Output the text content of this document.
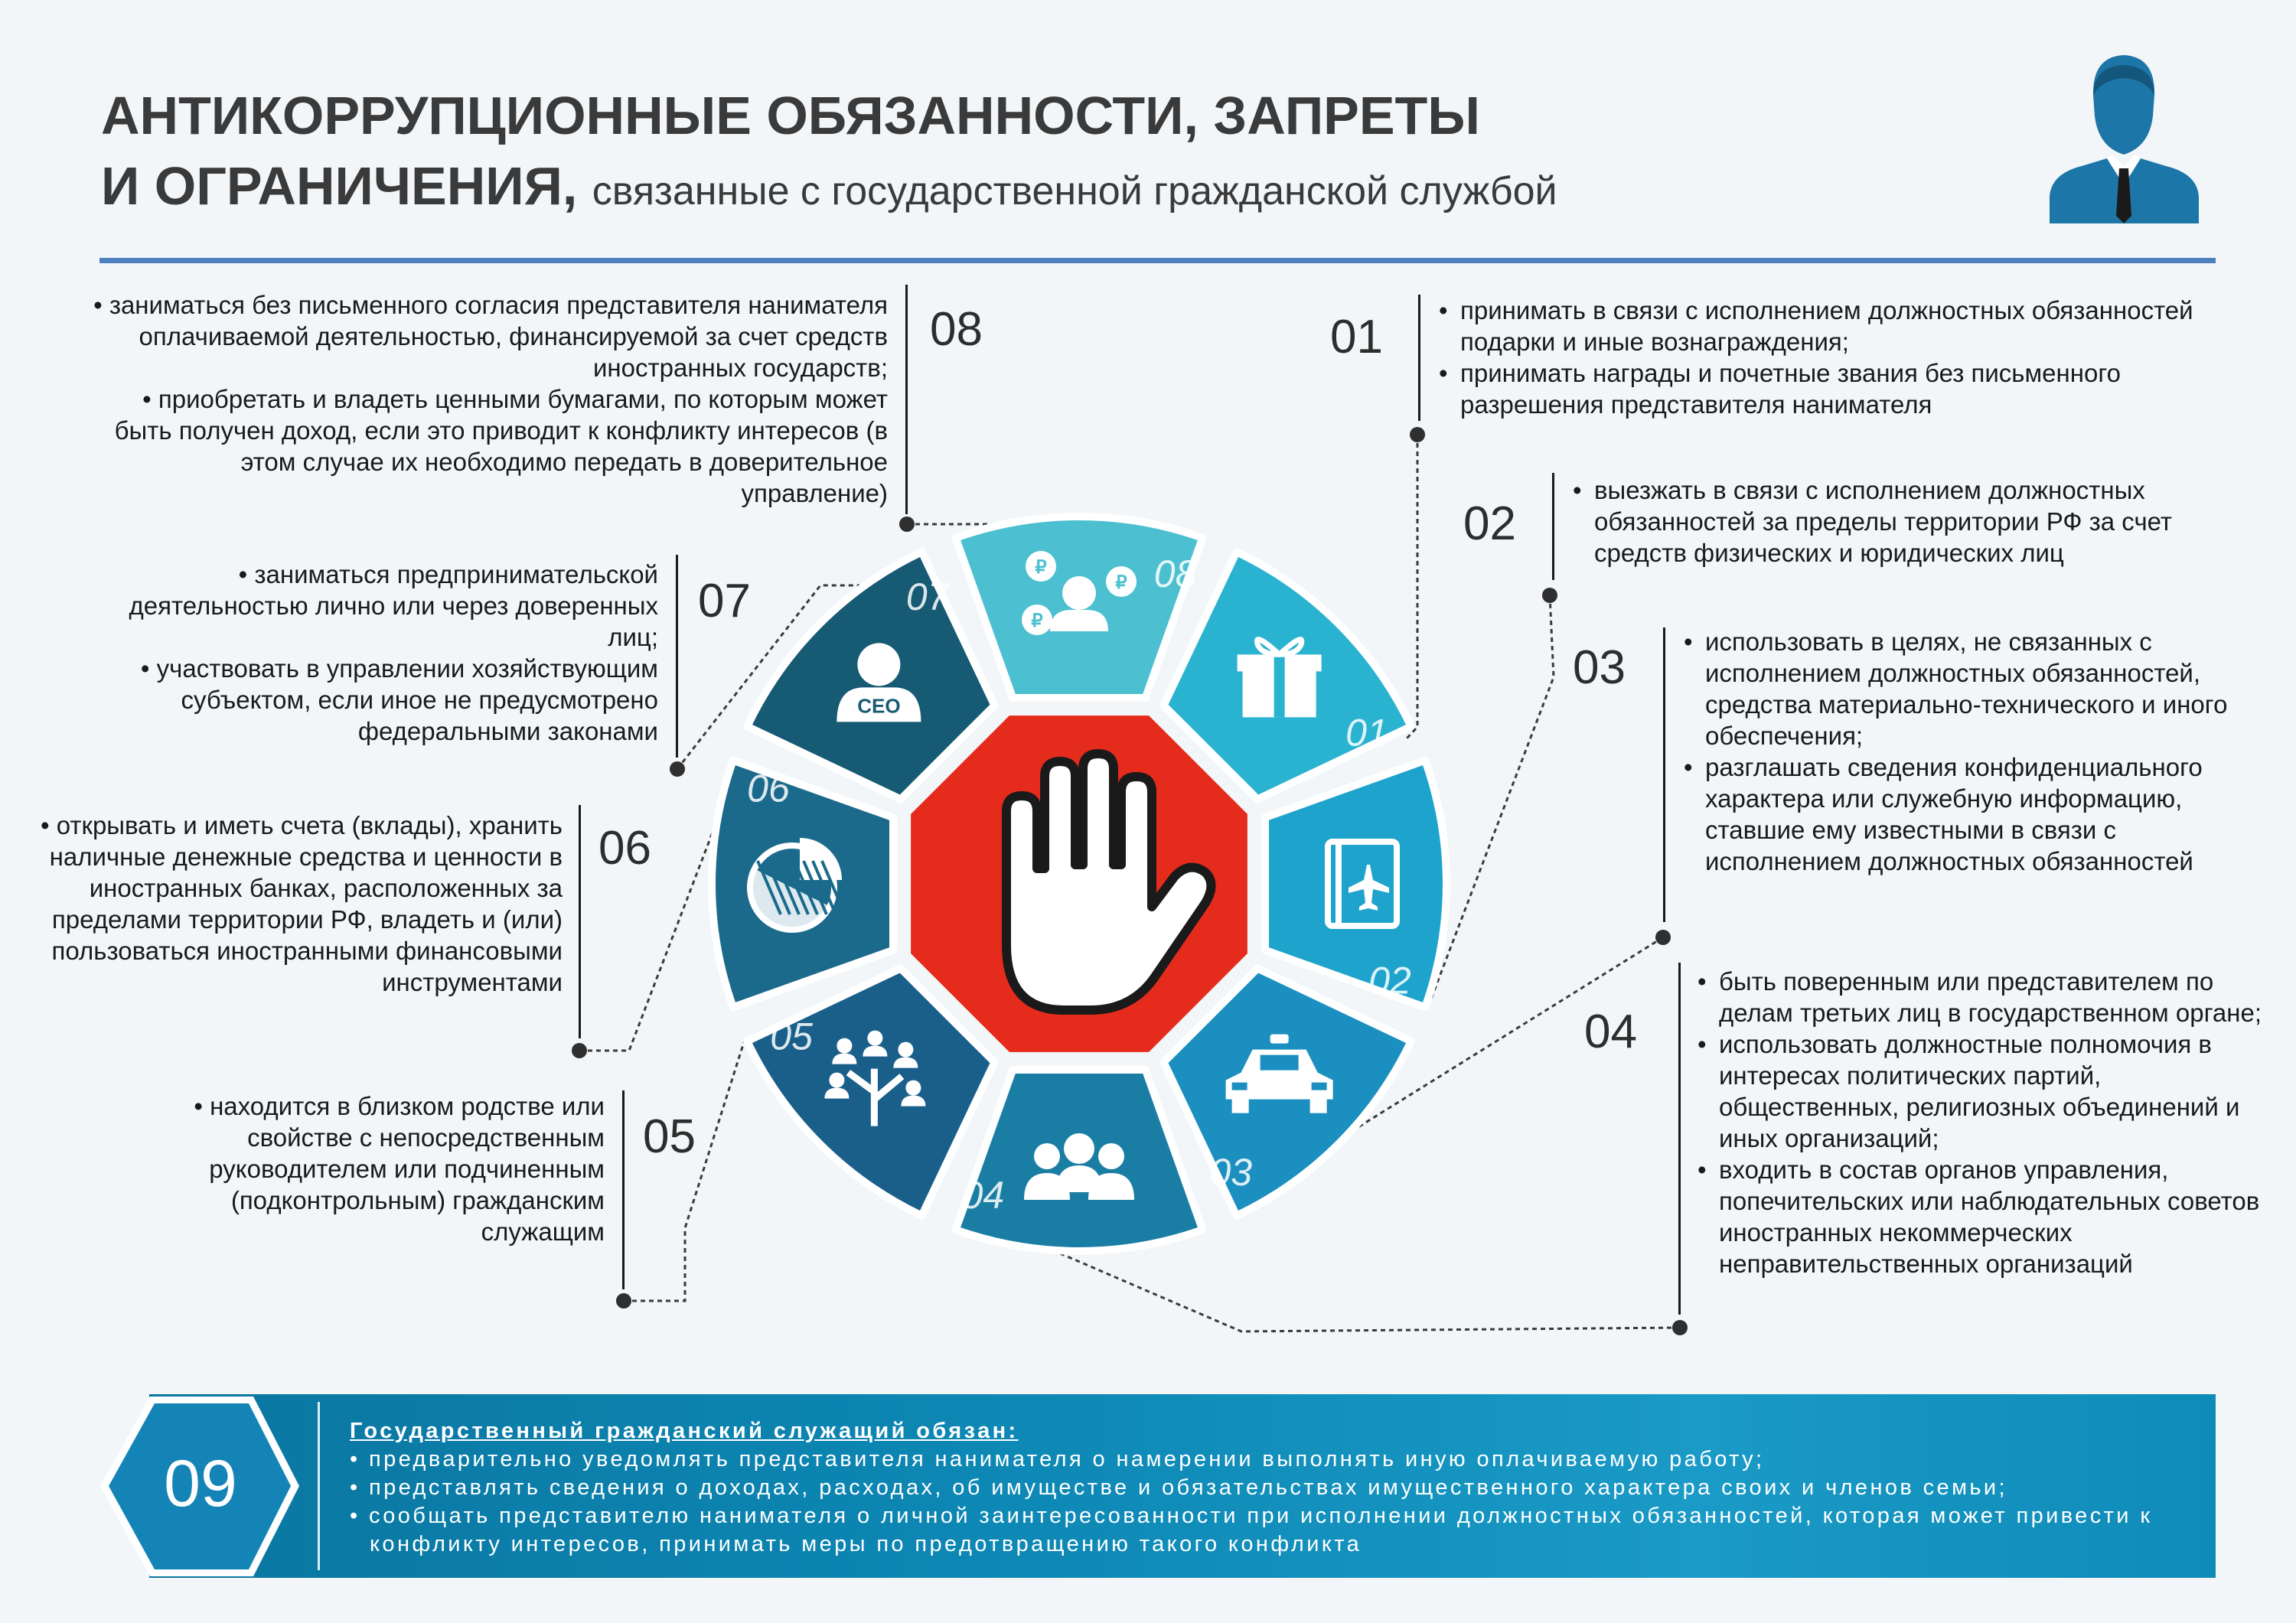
АНТИКОРРУПЦИОННЫЕ ОБЯЗАННОСТИ, ЗАПРЕТЫ
И ОГРАНИЧЕНИЯ, связанные с государственной гражданской службой
01
02
03
04
05
06
CEO
07
₽
₽
₽
08
08
• заниматься без письменного согласия представителя нанимателя оплачиваемой деятельностью, финансируемой за счет средств иностранных государств;
• приобретать и владеть ценными бумагами, по которым может быть получен доход, если это приводит к конфликту интересов (в этом случае их необходимо передать в доверительное управление)
01
• принимать в связи с исполнением должностных обязанностей подарки и иные вознаграждения;
• принимать награды и почетные звания без письменного разрешения представителя нанимателя
02
• выезжать в связи с исполнением должностных обязанностей за пределы территории РФ за счет средств физических и юридических лиц
03
•	использовать в целях, не связанных с исполнением должностных обязанностей, средства материально-технического и иного обеспечения;
• разглашать сведения конфиденциального характера или служебную информацию, ставшие ему известными в связи с исполнением должностных обязанностей
04
• быть поверенным или представителем по делам третьих лиц в государственном органе;
• использовать должностные полномочия в интересах политических партий, общественных, религиозных объединений и иных организаций;
• входить в состав органов управления, попечительских или наблюдательных советов иностранных некоммерческих неправительственных организаций
05
• находится в близком родстве или свойстве с непосредственным руководителем или подчиненным (подконтрольным) гражданским служащим
06
• открывать и иметь счета (вклады), хранить наличные денежные средства и ценности в иностранных банках, расположенных за пределами территории РФ, владеть и (или) пользоваться иностранными финансовыми инструментами
07
• заниматься предпринимательской деятельностью лично или через доверенных лиц;
• участвовать в управлении хозяйствующим субъектом, если иное не предусмотрено федеральными законами
Государственный гражданский служащий обязан:
• предварительно уведомлять представителя нанимателя о намерении выполнять иную оплачиваемую работу;
• представлять сведения о доходах, расходах, об имуществе и обязательствах имущественного характера своих и членов семьи;
• сообщать представителю нанимателя о личной заинтересованности при исполнении должностных обязанностей, которая может привести к конфликту интересов, принимать меры по предотвращению такого конфликта
09
